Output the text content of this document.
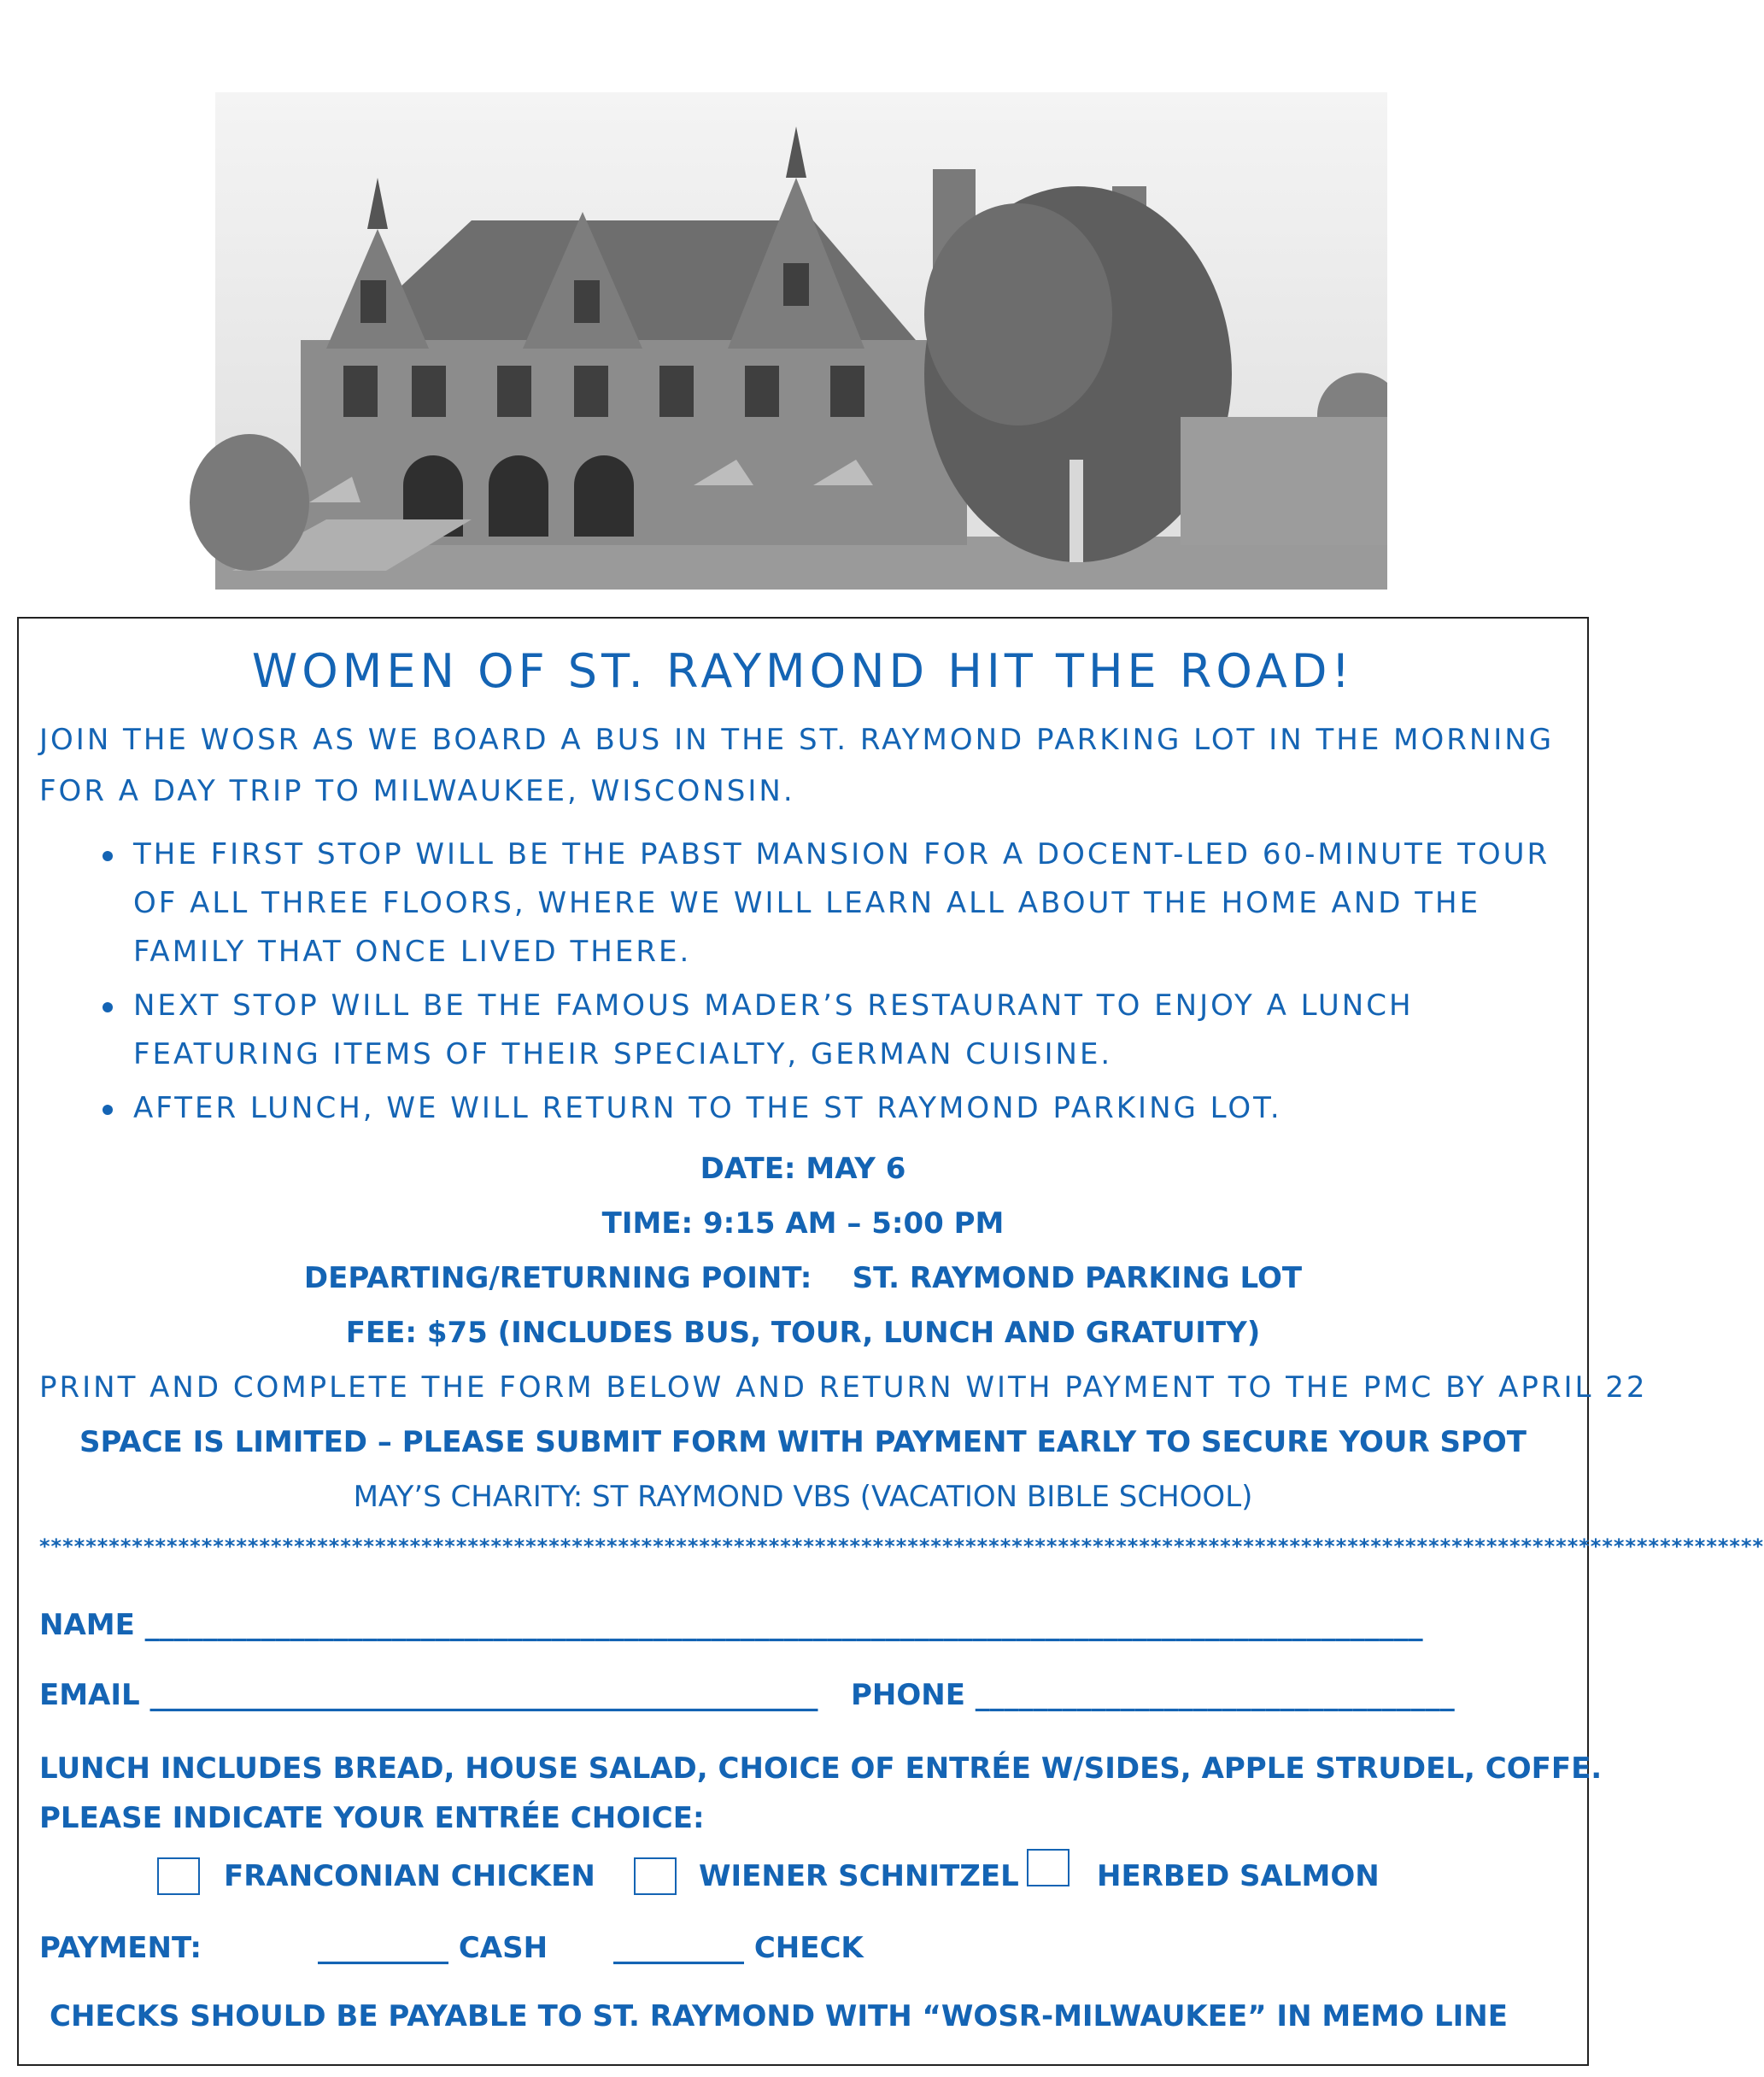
WOMEN OF ST. RAYMOND HIT THE ROAD!
JOIN THE WOSR AS WE BOARD A BUS IN THE ST. RAYMOND PARKING LOT IN THE MORNING FOR A DAY TRIP TO MILWAUKEE, WISCONSIN.
THE FIRST STOP WILL BE THE PABST MANSION FOR A DOCENT-LED 60-MINUTE TOUR OF ALL THREE FLOORS, WHERE WE WILL LEARN ALL ABOUT THE HOME AND THE FAMILY THAT ONCE LIVED THERE.
NEXT STOP WILL BE THE FAMOUS MADER’S RESTAURANT TO ENJOY A LUNCH FEATURING ITEMS OF THEIR SPECIALTY, GERMAN CUISINE.
AFTER LUNCH, WE WILL RETURN TO THE ST RAYMOND PARKING LOT.
DATE: MAY 6
TIME: 9:15 AM – 5:00 PM
DEPARTING/RETURNING POINT:    ST. RAYMOND PARKING LOT
FEE: $75 (INCLUDES BUS, TOUR, LUNCH AND GRATUITY)
PRINT AND COMPLETE THE FORM BELOW AND RETURN WITH PAYMENT TO THE PMC BY APRIL 22
SPACE IS LIMITED – PLEASE SUBMIT FORM WITH PAYMENT EARLY TO SECURE YOUR SPOT
MAY’S CHARITY: ST RAYMOND VBS (VACATION BIBLE SCHOOL)
*****************************************************************************************************************************************************
NAME ________________________________________________________________________________________
EMAIL ______________________________________________ PHONE _________________________________
LUNCH INCLUDES BREAD, HOUSE SALAD, CHOICE OF ENTRÉE W/SIDES, APPLE STRUDEL, COFFE.
PLEASE INDICATE YOUR ENTRÉE CHOICE:
FRANCONIAN CHICKEN	WIENER SCHNITZEL	HERBED SALMON
PAYMENT:	_________ CASH _________ CHECK
CHECKS SHOULD BE PAYABLE TO ST. RAYMOND WITH “WOSR-MILWAUKEE” IN MEMO LINE
